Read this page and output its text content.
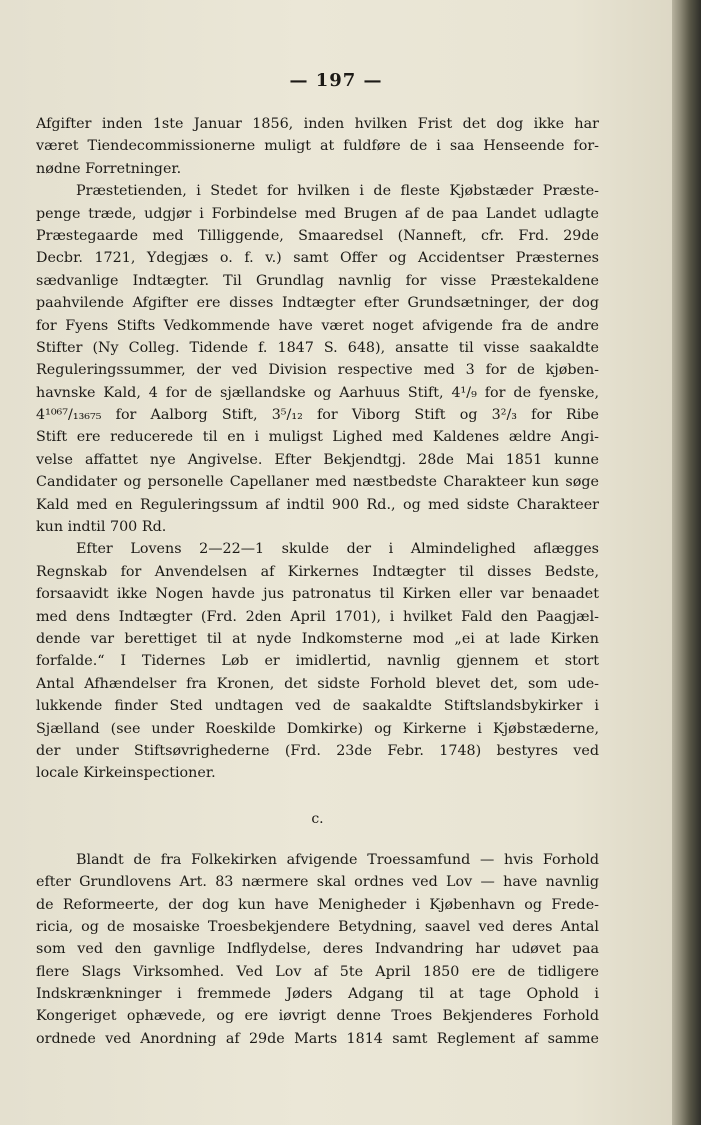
— 197 —
Afgifter inden 1ste Januar 1856, inden hvilken Frist det dog ikke har
været Tiendecommissionerne muligt at fuldføre de i saa Henseende for-
nødne Forretninger.
Præstetienden, i Stedet for hvilken i de fleste Kjøbstæder Præste-
penge træde, udgjør i Forbindelse med Brugen af de paa Landet udlagte
Præstegaarde med Tilliggende, Smaaredsel (Nanneft, cfr. Frd. 29de
Decbr. 1721, Ydegjæs o. f. v.) samt Offer og Accidentser Præsternes
sædvanlige Indtægter. Til Grundlag navnlig for visse Præstekaldene
paahvilende Afgifter ere disses Indtægter efter Grundsætninger, der dog
for Fyens Stifts Vedkommende have været noget afvigende fra de andre
Stifter (Ny Colleg. Tidende f. 1847 S. 648), ansatte til visse saakaldte
Reguleringssummer, der ved Division respective med 3 for de kjøben-
havnske Kald, 4 for de sjællandske og Aarhuus Stift, 4¹/₉ for de fyenske,
4¹⁰⁶⁷/₁₃₆₇₅ for Aalborg Stift, 3⁵/₁₂ for Viborg Stift og 3²/₃ for Ribe
Stift ere reducerede til en i muligst Lighed med Kaldenes ældre Angi-
velse affattet nye Angivelse. Efter Bekjendtgj. 28de Mai 1851 kunne
Candidater og personelle Capellaner med næstbedste Charakteer kun søge
Kald med en Reguleringssum af indtil 900 Rd., og med sidste Charakteer
kun indtil 700 Rd.
Efter Lovens 2—22—1 skulde der i Almindelighed aflægges
Regnskab for Anvendelsen af Kirkernes Indtægter til disses Bedste,
forsaavidt ikke Nogen havde jus patronatus til Kirken eller var benaadet
med dens Indtægter (Frd. 2den April 1701), i hvilket Fald den Paagjæl-
dende var berettiget til at nyde Indkomsterne mod „ei at lade Kirken
forfalde.“ I Tidernes Løb er imidlertid, navnlig gjennem et stort
Antal Afhændelser fra Kronen, det sidste Forhold blevet det, som ude-
lukkende finder Sted undtagen ved de saakaldte Stiftslandsbykirker i
Sjælland (see under Roeskilde Domkirke) og Kirkerne i Kjøbstæderne,
der under Stiftsøvrighederne (Frd. 23de Febr. 1748) bestyres ved
locale Kirkeinspectioner.
c.
Blandt de fra Folkekirken afvigende Troessamfund — hvis Forhold
efter Grundlovens Art. 83 nærmere skal ordnes ved Lov — have navnlig
de Reformeerte, der dog kun have Menigheder i Kjøbenhavn og Frede-
ricia, og de mosaiske Troesbekjendere Betydning, saavel ved deres Antal
som ved den gavnlige Indflydelse, deres Indvandring har udøvet paa
flere Slags Virksomhed. Ved Lov af 5te April 1850 ere de tidligere
Indskrænkninger i fremmede Jøders Adgang til at tage Ophold i
Kongeriget ophævede, og ere iøvrigt denne Troes Bekjenderes Forhold
ordnede ved Anordning af 29de Marts 1814 samt Reglement af samme
